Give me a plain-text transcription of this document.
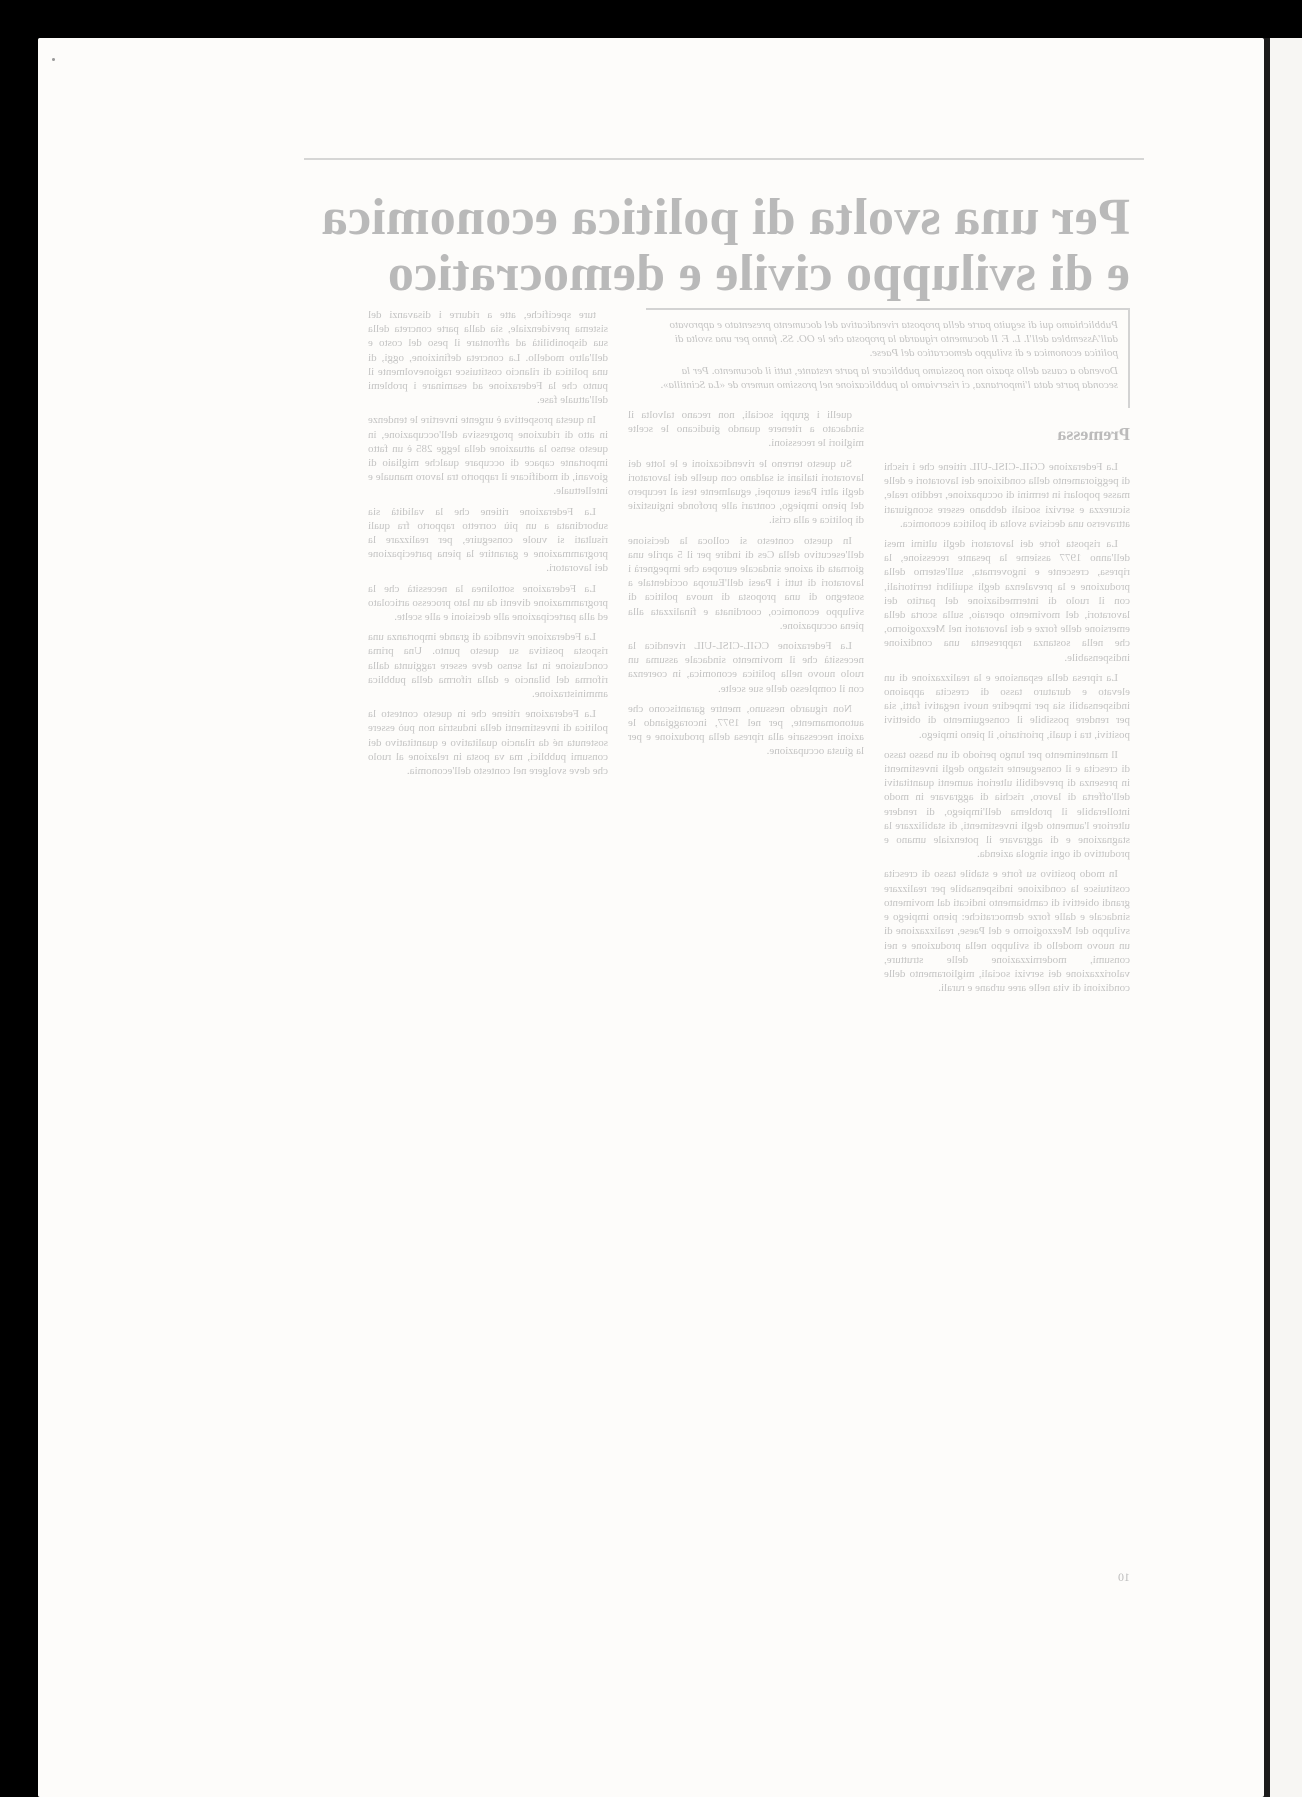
Per una svolta di politica economica e di sviluppo civile e democratico

Pubblichiamo qui di seguito parte della proposta rivendicativa del documento presentato e approvato dall'Assemblea dell'I. L. F. Il documento riguarda la proposta che le OO. SS. fanno per una svolta di politica economica e di sviluppo democratico del Paese.

Dovendo a causa dello spazio non possiamo pubblicare la parte restante, tutti il documento. Per la seconda parte data l'importanza, ci riserviamo la pubblicazione nel prossimo numero de «La Scintilla».

Premessa

La Federazione CGIL-CISL-UIL ritiene che i rischi di peggioramento della condizione dei lavoratori e delle masse popolari in termini di occupazione, reddito reale, sicurezza e servizi sociali debbano essere scongiurati attraverso una decisiva svolta di politica economica.

La risposta forte dei lavoratori degli ultimi mesi dell'anno 1977 assieme la pesante recessione, la ripresa, crescente e ingovernata, sull'esterno della produzione e la prevalenza degli squilibri territoriali, con il ruolo di intermediazione del partito dei lavoratori, del movimento operaio, sulla scorta della emersione delle forze e dei lavoratori nel Mezzogiorno, che nella sostanza rappresenta una condizione indispensabile.

La ripresa della espansione e la realizzazione di un elevato e duraturo tasso di crescita appaiono indispensabili sia per impedire nuovi negativi fatti, sia per rendere possibile il conseguimento di obiettivi positivi, tra i quali, prioritario, il pieno impiego.

Il mantenimento per lungo periodo di un basso tasso di crescita e il conseguente ristagno degli investimenti in presenza di prevedibili ulteriori aumenti quantitativi dell'offerta di lavoro, rischia di aggravare in modo intollerabile il problema dell'impiego, di rendere ulteriore l'aumento degli investimenti, di stabilizzare la stagnazione e di aggravare il potenziale umano e produttivo di ogni singola azienda.

In modo positivo su forte e stabile tasso di crescita costituisce la condizione indispensabile per realizzare grandi obiettivi di cambiamento indicati dal movimento sindacale e dalle forze democratiche: pieno impiego e sviluppo del Mezzogiorno e del Paese, realizzazione di un nuovo modello di sviluppo nella produzione e nei consumi, modernizzazione delle strutture, valorizzazione dei servizi sociali, miglioramento delle condizioni di vita nelle aree urbane e rurali.

quelli i gruppi sociali, non recano talvolta il sindacato a ritenere quando giudicano le scelte migliori le recessioni.

Su questo terreno le rivendicazioni e le lotte dei lavoratori italiani si saldano con quelle dei lavoratori degli altri Paesi europei, egualmente tesi al recupero del pieno impiego, contrari alle profonde ingiustizie di politica e alla crisi.

In questo contesto si colloca la decisione dell'esecutivo della Ces di indire per il 5 aprile una giornata di azione sindacale europea che impegnerà i lavoratori di tutti i Paesi dell'Europa occidentale a sostegno di una proposta di nuova politica di sviluppo economico, coordinata e finalizzata alla piena occupazione.

La Federazione CGIL-CISL-UIL rivendica la necessità che il movimento sindacale assuma un ruolo nuovo nella politica economica, in coerenza con il complesso delle sue scelte.

Non riguardo nessuno, mentre garantiscono che autonomamente, per nel 1977, incoraggiando le azioni necessarie alla ripresa della produzione e per la giusta occupazione.

ture specifiche, atte a ridurre i disavanzi del sistema previdenziale, sia dalla parte concreta della sua disponibilità ad affrontare il peso del costo e dell'altro modello. La concreta definizione, oggi, di una politica di rilancio costituisce ragionevolmente il punto che la Federazione ad esaminare i problemi dell'attuale fase.

In questa prospettiva è urgente invertire le tendenze in atto di riduzione progressiva dell'occupazione, in questo senso la attuazione della legge 285 è un fatto importante capace di occupare qualche migliaio di giovani, di modificare il rapporto tra lavoro manuale e intellettuale.

La Federazione ritiene che la validità sia subordinata a un più corretto rapporto fra quali risultati si vuole conseguire, per realizzare la programmazione e garantire la piena partecipazione dei lavoratori.

La Federazione sottolinea la necessità che la programmazione diventi da un lato processo articolato ed alla partecipazione alle decisioni e alle scelte.

La Federazione rivendica di grande importanza una risposta positiva su questo punto. Una prima conclusione in tal senso deve essere raggiunta dalla riforma del bilancio e dalla riforma della pubblica amministrazione.

La Federazione ritiene che in questo contesto la politica di investimenti della industria non può essere sostenuta né da rilancio qualitativo e quantitativo dei consumi pubblici, ma va posta in relazione al ruolo che deve svolgere nel contesto dell'economia.

10
